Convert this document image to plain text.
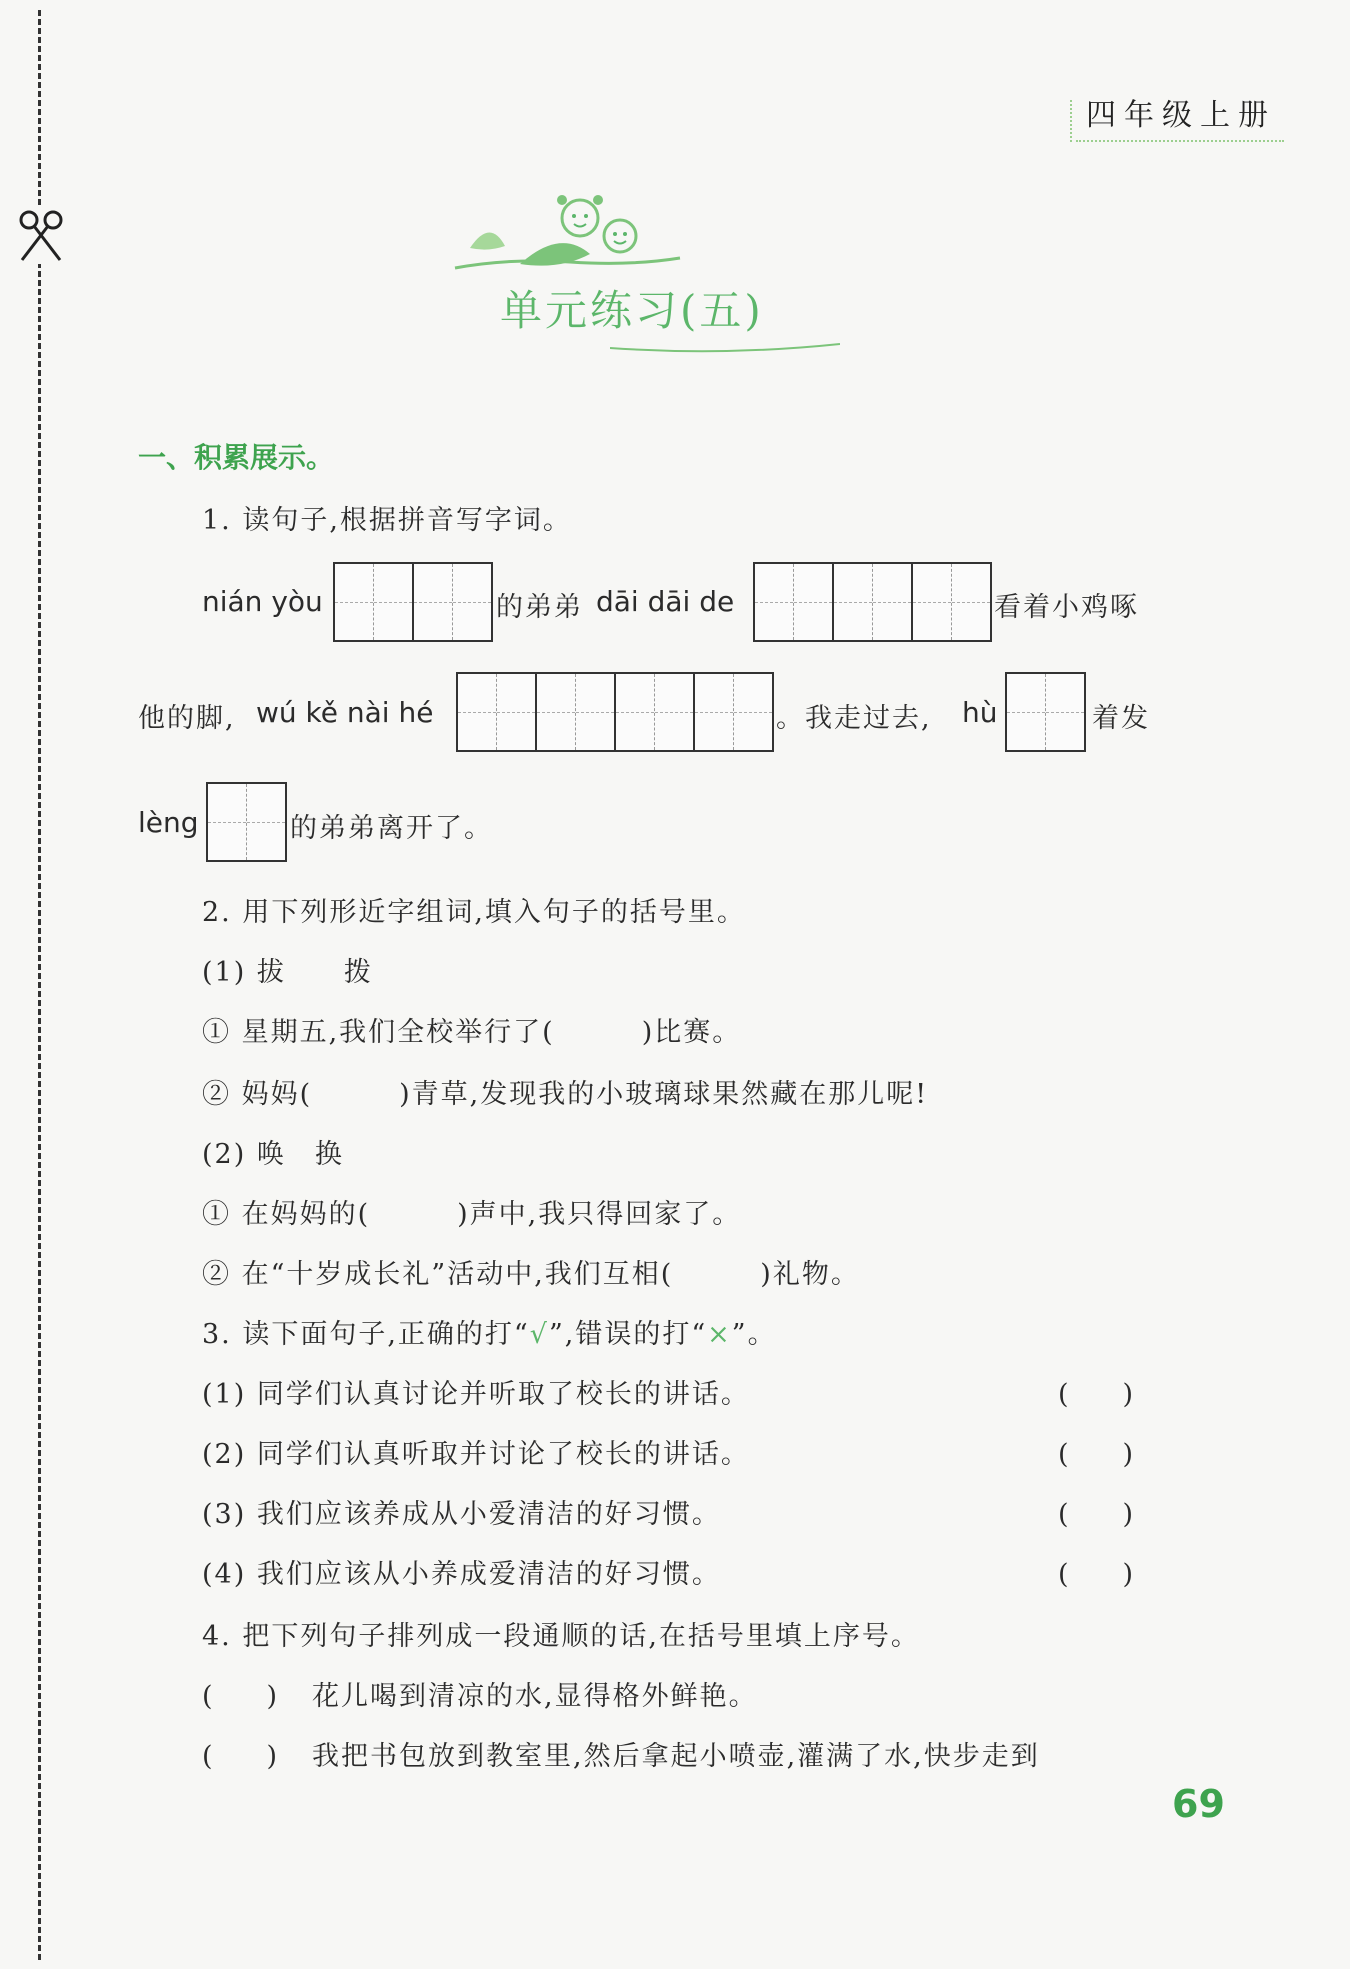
四年级上册
单元练习(五)
一、积累展示。
1. 读句子,根据拼音写字词。
nián yòu	的弟弟 dāi dāi de	看着小鸡啄
他的脚, wú kě nài hé	。我走过去, hù	着发
lèng	的弟弟离开了。
2. 用下列形近字组词,填入句子的括号里。
(1) 拔　　拨
① 星期五,我们全校举行了(　　　)比赛。
② 妈妈(　　　)青草,发现我的小玻璃球果然藏在那儿呢!
(2) 唤　换
① 在妈妈的(　　　)声中,我只得回家了。
② 在“十岁成长礼”活动中,我们互相(　　　)礼物。
3. 读下面句子,正确的打“√”,错误的打“×”。
(1) 同学们认真讨论并听取了校长的讲话。	(　　)
(2) 同学们认真听取并讨论了校长的讲话。	(　　)
(3) 我们应该养成从小爱清洁的好习惯。	(　　)
(4) 我们应该从小养成爱清洁的好习惯。	(　　)
4. 把下列句子排列成一段通顺的话,在括号里填上序号。
(　　) 花儿喝到清凉的水,显得格外鲜艳。
(　　) 我把书包放到教室里,然后拿起小喷壶,灌满了水,快步走到
69
